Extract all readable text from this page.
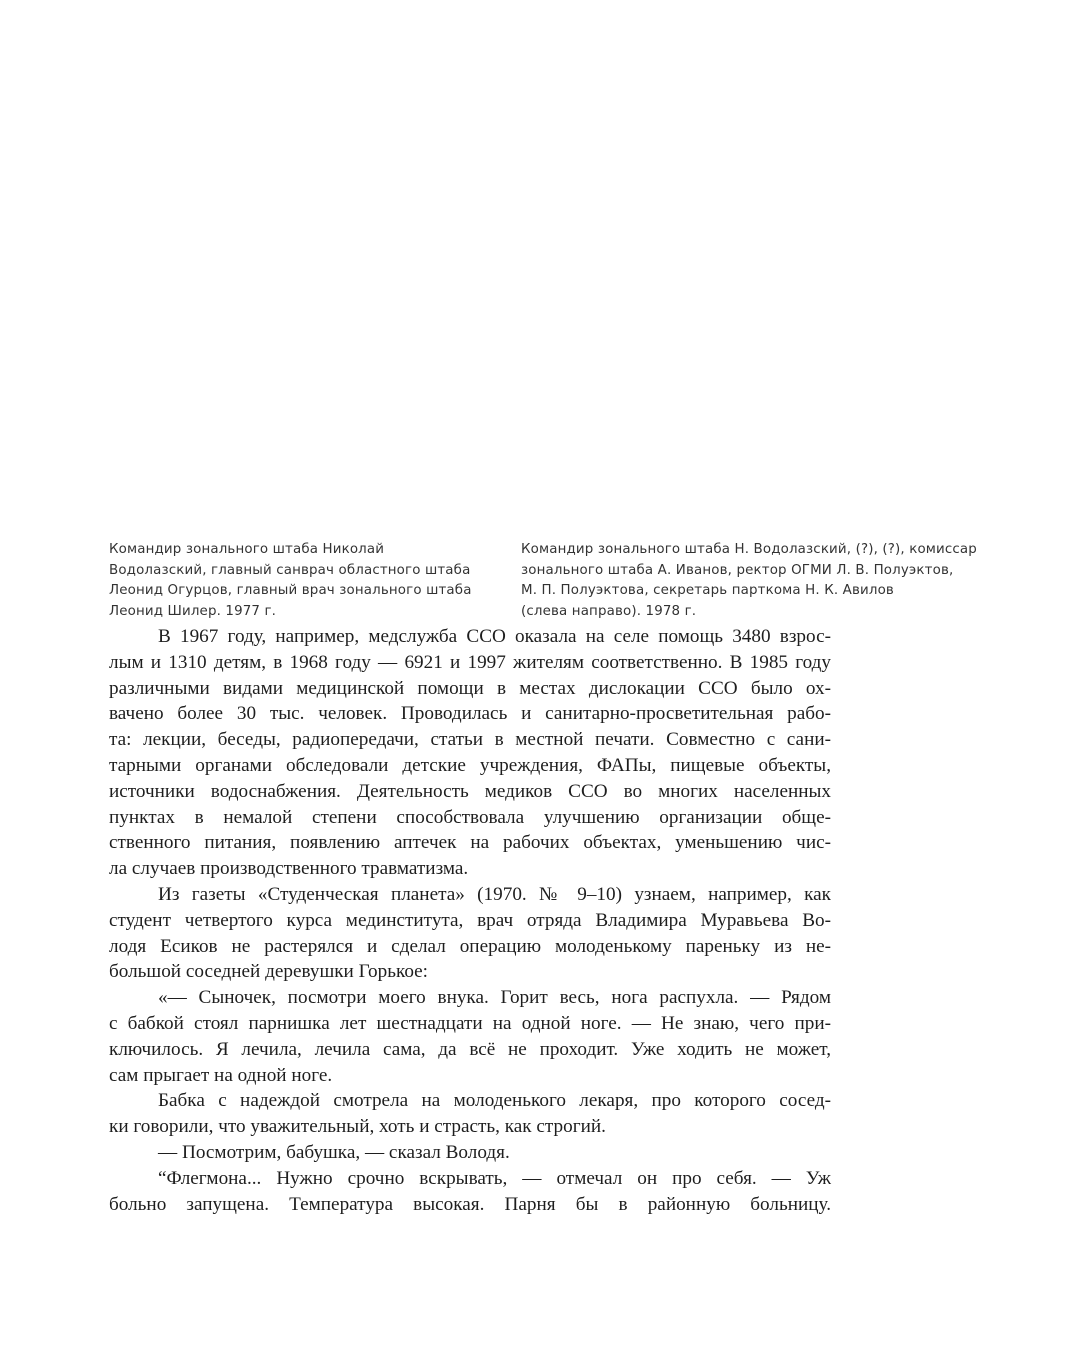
Командир зонального штаба Николай
Водолазский, главный санврач областного штаба
Леонид Огурцов, главный врач зонального штаба
Леонид Шилер. 1977 г.
Командир зонального штаба Н. Водолазский, (?), (?), комиссар
зонального штаба А. Иванов, ректор ОГМИ Л. В. Полуэктов,
М. П. Полуэктова, секретарь парткома Н. К. Авилов
(слева направо). 1978 г.
В 1967 году, например, медслужба ССО оказала на селе помощь 3480 взрос-
лым и 1310 детям, в 1968 году — 6921 и 1997 жителям соответственно. В 1985 году
различными видами медицинской помощи в местах дислокации ССО было ох-
вачено более 30 тыс. человек. Проводилась и санитарно-просветительная рабо-
та: лекции, беседы, радиопередачи, статьи в местной печати. Совместно с сани-
тарными органами обследовали детские учреждения, ФАПы, пищевые объекты,
источники водоснабжения. Деятельность медиков ССО во многих населенных
пунктах в немалой степени способствовала улучшению организации обще-
ственного питания, появлению аптечек на рабочих объектах, уменьшению чис-
ла случаев производственного травматизма.
Из газеты «Студенческая планета» (1970. № 9–10) узнаем, например, как
студент четвертого курса мединститута, врач отряда Владимира Муравьева Во-
лодя Есиков не растерялся и сделал операцию молоденькому пареньку из не-
большой соседней деревушки Горькое:
«— Сыночек, посмотри моего внука. Горит весь, нога распухла. — Рядом
с бабкой стоял парнишка лет шестнадцати на одной ноге. — Не знаю, чего при-
ключилось. Я лечила, лечила сама, да всё не проходит. Уже ходить не может,
сам прыгает на одной ноге.
Бабка с надеждой смотрела на молоденького лекаря, про которого сосед-
ки говорили, что уважительный, хоть и страсть, как строгий.
— Посмотрим, бабушка, — сказал Володя.
“Флегмона... Нужно срочно вскрывать, — отмечал он про себя. — Уж
больно запущена. Температура высокая. Парня бы в районную больницу.
